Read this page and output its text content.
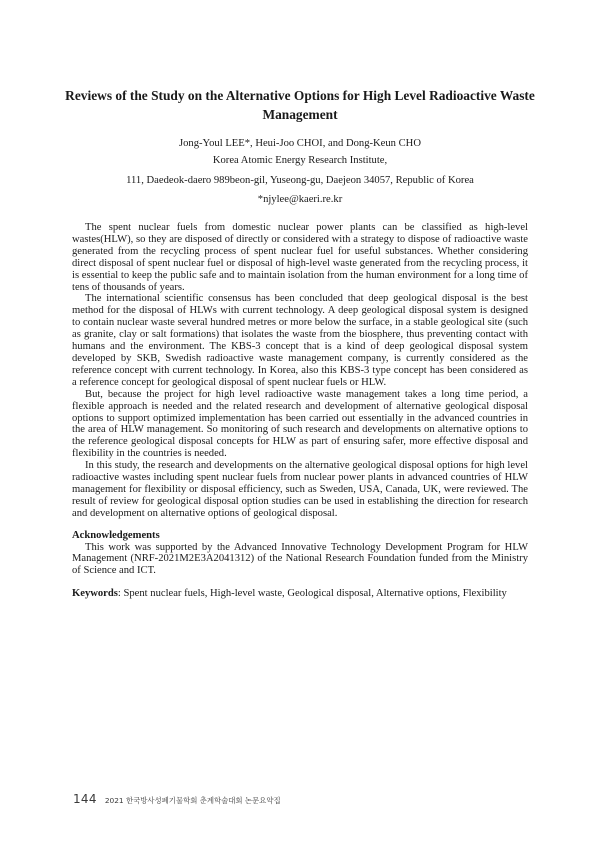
Reviews of the Study on the Alternative Options for High Level Radioactive Waste Management
Jong-Youl LEE*, Heui-Joo CHOI, and Dong-Keun CHO
Korea Atomic Energy Research Institute,
111, Daedeok-daero 989beon-gil, Yuseong-gu, Daejeon 34057, Republic of Korea
*njylee@kaeri.re.kr

The spent nuclear fuels from domestic nuclear power plants can be classified as high-level wastes(HLW), so they are disposed of directly or considered with a strategy to dispose of radioactive waste generated from the recycling process of spent nuclear fuel for useful substances. Whether considering direct disposal of spent nuclear fuel or disposal of high-level waste generated from the recycling process, it is essential to keep the public safe and to maintain isolation from the human environment for a long time of tens of thousands of years.

The international scientific consensus has been concluded that deep geological disposal is the best method for the disposal of HLWs with current technology. A deep geological disposal system is designed to contain nuclear waste several hundred metres or more below the surface, in a stable geological site (such as granite, clay or salt formations) that isolates the waste from the biosphere, thus preventing contact with humans and the environment. The KBS-3 concept that is a kind of deep geological disposal system developed by SKB, Swedish radioactive waste management company, is currently considered as the reference concept with current technology. In Korea, also this KBS-3 type concept has been considered as a reference concept for geological disposal of spent nuclear fuels or HLW.

But, because the project for high level radioactive waste management takes a long time period, a flexible approach is needed and the related research and development of alternative geological disposal options to support optimized implementation has been carried out essentially in the advanced countries in the area of HLW management. So monitoring of such research and developments on alternative options to the reference geological disposal concepts for HLW as part of ensuring safer, more effective disposal and flexibility in the countries is needed.

In this study, the research and developments on the alternative geological disposal options for high level radioactive wastes including spent nuclear fuels from nuclear power plants in advanced countries of HLW management for flexibility or disposal efficiency, such as Sweden, USA, Canada, UK, were reviewed. The result of review for geological disposal option studies can be used in establishing the direction for research and development on alternative options of geological disposal.

Acknowledgements

This work was supported by the Advanced Innovative Technology Development Program for HLW Management (NRF-2021M2E3A2041312) of the National Research Foundation funded from the Ministry of Science and ICT.

Keywords: Spent nuclear fuels, High-level waste, Geological disposal, Alternative options, Flexibility
144 2021 한국방사성폐기물학회 춘계학술대회 논문요약집
